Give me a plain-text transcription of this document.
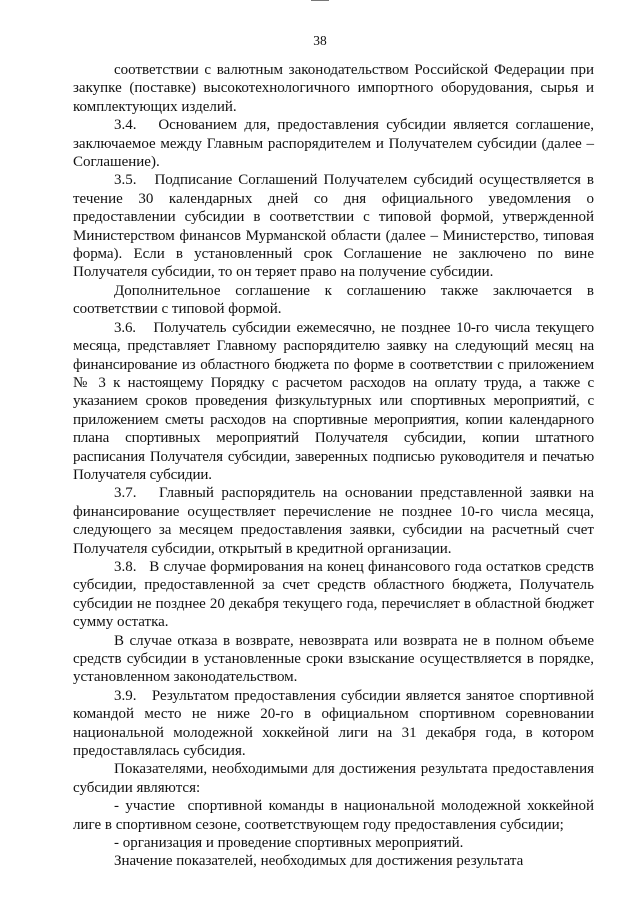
38

соответствии с валютным законодательством Российской Федерации при закупке (поставке) высокотехнологичного импортного оборудования, сырья и комплектующих изделий.

3.4.   Основанием для, предоставления субсидии является соглашение, заключаемое между Главным распорядителем и Получателем субсидии (далее – Соглашение).

3.5.   Подписание Соглашений Получателем субсидий осуществляется в течение 30 календарных дней со дня официального уведомления о предоставлении субсидии в соответствии с типовой формой, утвержденной Министерством финансов Мурманской области (далее – Министерство, типовая форма). Если в установленный срок Соглашение не заключено по вине Получателя субсидии, то он теряет право на получение субсидии.

Дополнительное соглашение к соглашению также заключается в соответствии с типовой формой.

3.6.   Получатель субсидии ежемесячно, не позднее 10-го числа текущего месяца, представляет Главному распорядителю заявку на следующий месяц на финансирование из областного бюджета по форме в соответствии с приложением № 3 к настоящему Порядку с расчетом расходов на оплату труда, а также с указанием сроков проведения физкультурных или спортивных мероприятий, с приложением сметы расходов на спортивные мероприятия, копии календарного плана спортивных мероприятий Получателя субсидии, копии штатного расписания Получателя субсидии, заверенных подписью руководителя и печатью Получателя субсидии.

3.7.   Главный распорядитель на основании представленной заявки на финансирование осуществляет перечисление не позднее 10-го числа месяца, следующего за месяцем предоставления заявки, субсидии на расчетный счет Получателя субсидии, открытый в кредитной организации.

3.8.   В случае формирования на конец финансового года остатков средств субсидии, предоставленной за счет средств областного бюджета, Получатель субсидии не позднее 20 декабря текущего года, перечисляет в областной бюджет сумму остатка.

В случае отказа в возврате, невозврата или возврата не в полном объеме средств субсидии в установленные сроки взыскание осуществляется в порядке, установленном законодательством.

3.9.   Результатом предоставления субсидии является занятое спортивной командой место не ниже 20-го в официальном спортивном соревновании национальной молодежной хоккейной лиги на 31 декабря года, в котором предоставлялась субсидия.

Показателями, необходимыми для достижения результата предоставления субсидии являются:

- участие  спортивной команды в национальной молодежной хоккейной лиге в спортивном сезоне, соответствующем году предоставления субсидии;

- организация и проведение спортивных мероприятий.

Значение показателей, необходимых для достижения результата
